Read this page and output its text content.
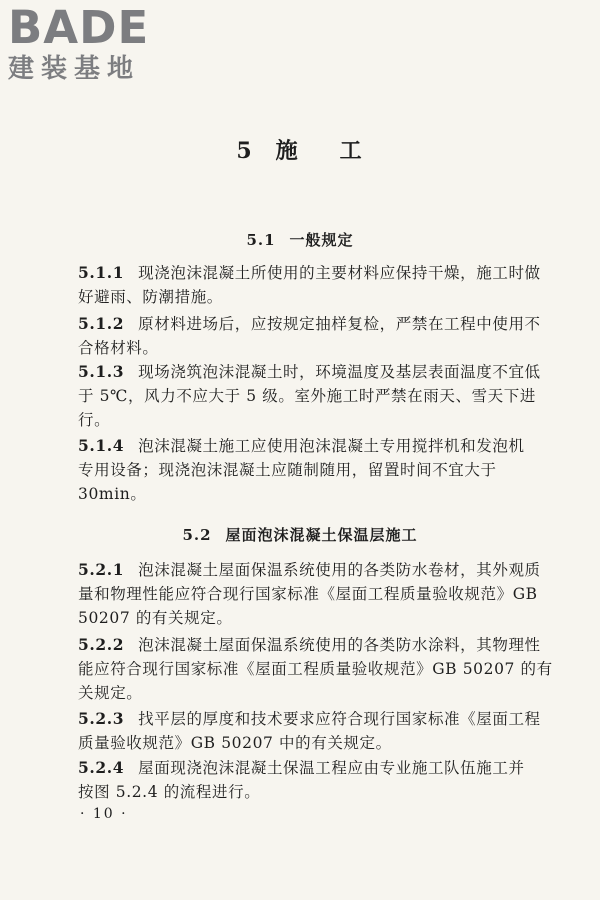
BADE
建装基地
5 施 工
5.1 一般规定
5.1.1 现浇泡沫混凝土所使用的主要材料应保持干燥，施工时做
好避雨、防潮措施。
5.1.2 原材料进场后，应按规定抽样复检，严禁在工程中使用不
合格材料。
5.1.3 现场浇筑泡沫混凝土时，环境温度及基层表面温度不宜低
于 5℃，风力不应大于 5 级。室外施工时严禁在雨天、雪天下进
行。
5.1.4 泡沫混凝土施工应使用泡沫混凝土专用搅拌机和发泡机
专用设备；现浇泡沫混凝土应随制随用，留置时间不宜大于
30min。
5.2 屋面泡沫混凝土保温层施工
5.2.1 泡沫混凝土屋面保温系统使用的各类防水卷材，其外观质
量和物理性能应符合现行国家标准《屋面工程质量验收规范》GB
50207 的有关规定。
5.2.2 泡沫混凝土屋面保温系统使用的各类防水涂料，其物理性
能应符合现行国家标准《屋面工程质量验收规范》GB 50207 的有
关规定。
5.2.3 找平层的厚度和技术要求应符合现行国家标准《屋面工程
质量验收规范》GB 50207 中的有关规定。
5.2.4 屋面现浇泡沫混凝土保温工程应由专业施工队伍施工并
按图 5.2.4 的流程进行。
· 10 ·
